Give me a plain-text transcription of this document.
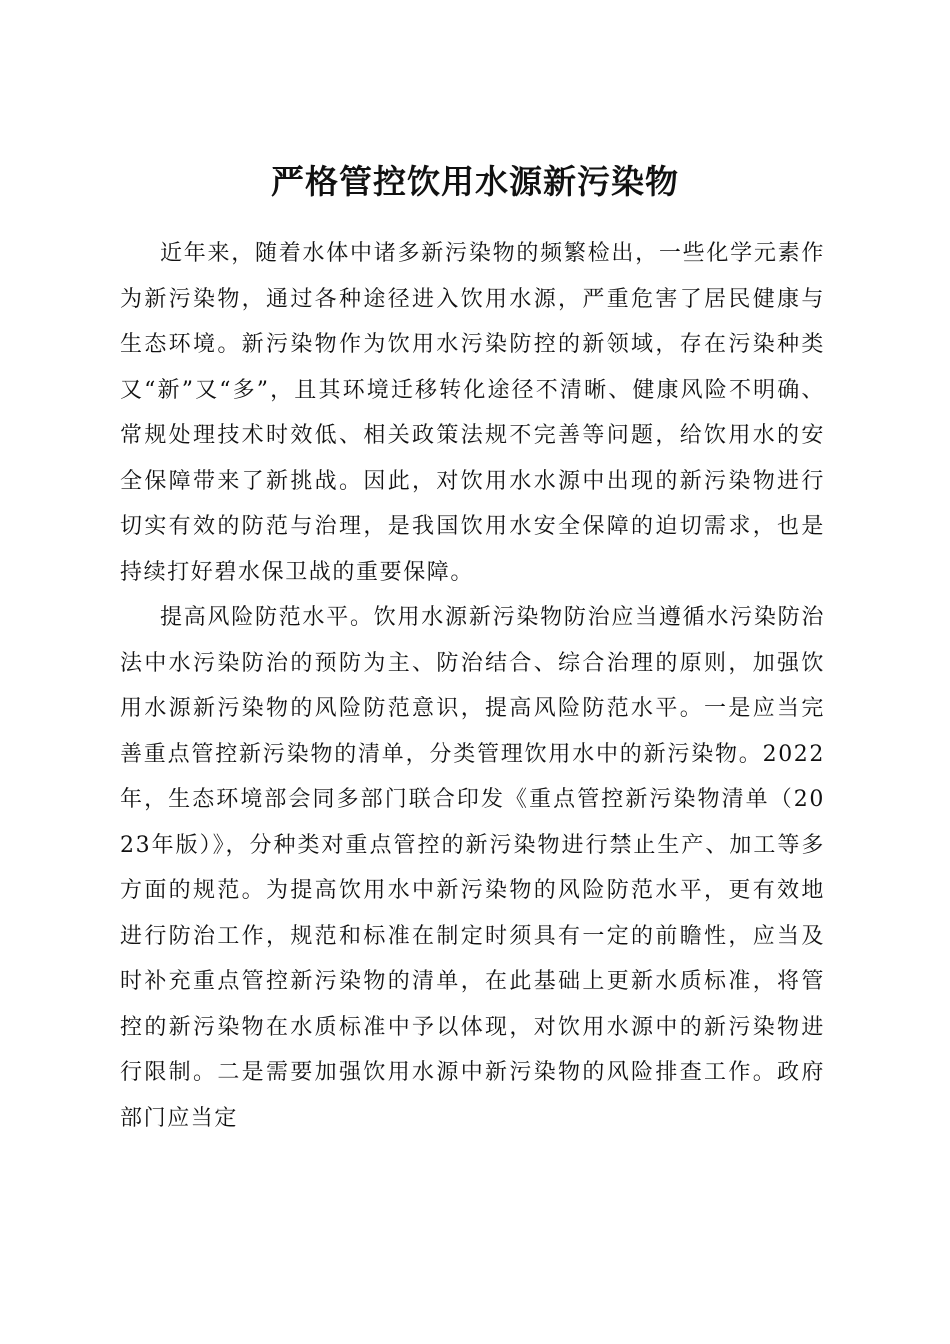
严格管控饮用水源新污染物

近年来，随着水体中诸多新污染物的频繁检出，一些化学元素作为新污染物，通过各种途径进入饮用水源，严重危害了居民健康与生态环境。新污染物作为饮用水污染防控的新领域，存在污染种类又“新”又“多”，且其环境迁移转化途径不清晰、健康风险不明确、常规处理技术时效低、相关政策法规不完善等问题，给饮用水的安全保障带来了新挑战。因此，对饮用水水源中出现的新污染物进行切实有效的防范与治理，是我国饮用水安全保障的迫切需求，也是持续打好碧水保卫战的重要保障。

提高风险防范水平。饮用水源新污染物防治应当遵循水污染防治法中水污染防治的预防为主、防治结合、综合治理的原则，加强饮用水源新污染物的风险防范意识，提高风险防范水平。一是应当完善重点管控新污染物的清单，分类管理饮用水中的新污染物。2022年，生态环境部会同多部门联合印发《重点管控新污染物清单（2023年版）》，分种类对重点管控的新污染物进行禁止生产、加工等多方面的规范。为提高饮用水中新污染物的风险防范水平，更有效地进行防治工作，规范和标准在制定时须具有一定的前瞻性，应当及时补充重点管控新污染物的清单，在此基础上更新水质标准，将管控的新污染物在水质标准中予以体现，对饮用水源中的新污染物进行限制。二是需要加强饮用水源中新污染物的风险排查工作。政府部门应当定
